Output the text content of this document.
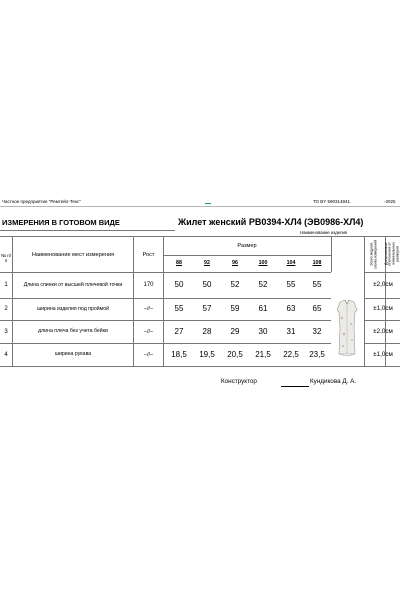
Частное предприятие "Ремтейл-Текс"	ТО BY 590314841.	-2025
ИЗМЕРЕНИЯ В ГОТОВОМ ВИДЕ	Жилет женский РВ0394-ХЛ4 (ЭВ0986-ХЛ4)
Наименование изделия
№ п/п
Наименование мест измерения	Рост
Размер	Эскиз модели, схема измерений	Допускаемые отклонения от номинальных размеров
88	92	96	100	104	108
1	Длина спинки от высшей плечевой точки	170	50	50	52	52	55	55	±2,0см
2	ширина изделия под проймой	–//–	55	57	59	61	63	65	±1,0см
3	длина плеча без учета бейки	–//–	27	28	29	30	31	32	±2,0см
4	ширина рукава	–//–	18,5	19,5	20,5	21,5	22,5	23,5	±1,0см
Конструктор	Кундикова Д. А.
